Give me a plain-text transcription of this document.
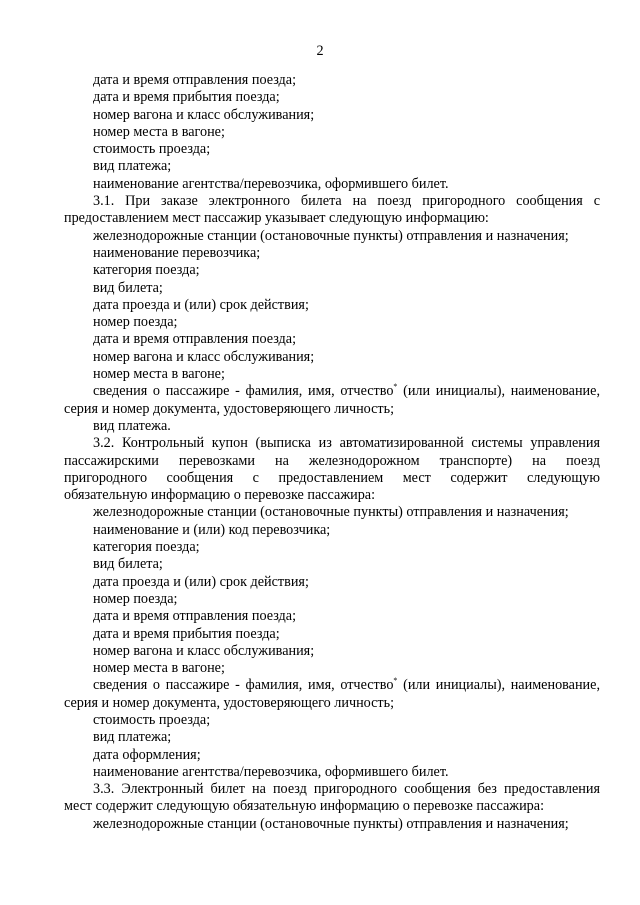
2
дата и время отправления поезда;
дата и время прибытия поезда;
номер вагона и класс обслуживания;
номер места в вагоне;
стоимость проезда;
вид платежа;
наименование агентства/перевозчика, оформившего билет.
3.1. При заказе электронного билета на поезд пригородного сообщения с
предоставлением мест пассажир указывает следующую информацию:
железнодорожные станции (остановочные пункты) отправления и назначения;
наименование перевозчика;
категория поезда;
вид билета;
дата проезда и (или) срок действия;
номер поезда;
дата и время отправления поезда;
номер вагона и класс обслуживания;
номер места в вагоне;
сведения о пассажире - фамилия, имя, отчество* (или инициалы), наименование,
серия и номер документа, удостоверяющего личность;
вид платежа.
3.2. Контрольный купон (выписка из автоматизированной системы управления
пассажирскими перевозками на железнодорожном транспорте) на поезд
пригородного сообщения с предоставлением мест содержит следующую
обязательную информацию о перевозке пассажира:
железнодорожные станции (остановочные пункты) отправления и назначения;
наименование и (или) код перевозчика;
категория поезда;
вид билета;
дата проезда и (или) срок действия;
номер поезда;
дата и время отправления поезда;
дата и время прибытия поезда;
номер вагона и класс обслуживания;
номер места в вагоне;
сведения о пассажире - фамилия, имя, отчество* (или инициалы), наименование,
серия и номер документа, удостоверяющего личность;
стоимость проезда;
вид платежа;
дата оформления;
наименование агентства/перевозчика, оформившего билет.
3.3. Электронный билет на поезд пригородного сообщения без предоставления
мест содержит следующую обязательную информацию о перевозке пассажира:
железнодорожные станции (остановочные пункты) отправления и назначения;
